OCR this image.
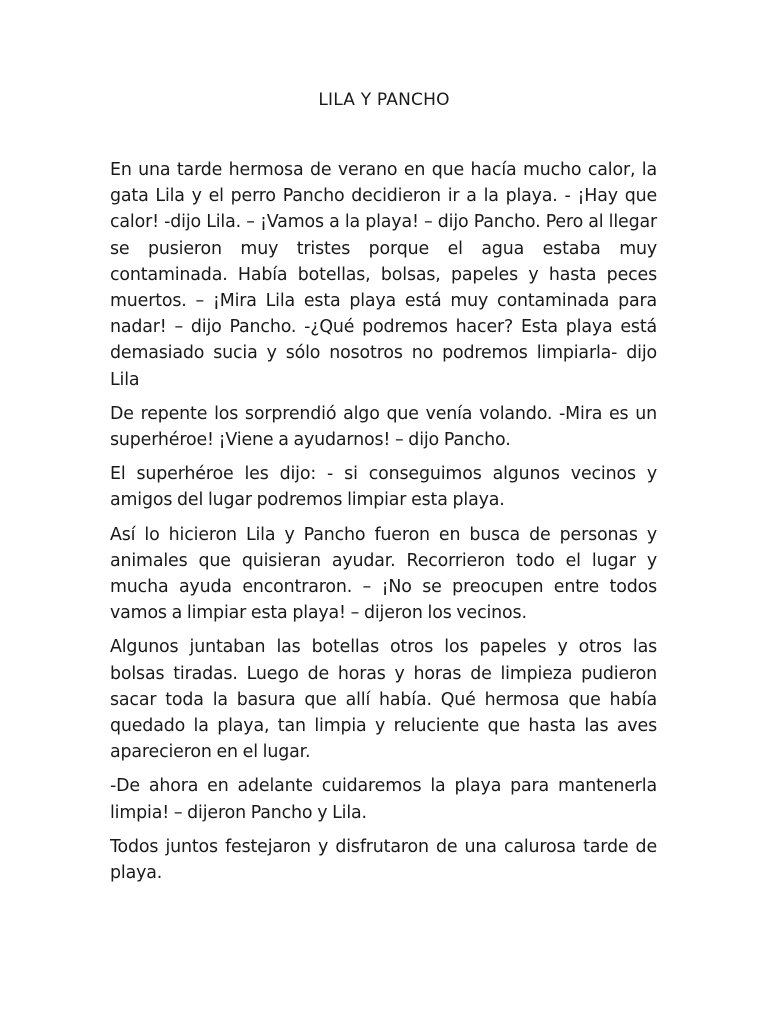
LILA Y PANCHO

En una tarde hermosa de verano en que hacía mucho calor, la gata Lila y el perro Pancho decidieron ir a la playa. - ¡Hay que calor! -dijo Lila. – ¡Vamos a la playa! – dijo Pancho. Pero al llegar se pusieron muy tristes porque el agua estaba muy contaminada. Había botellas, bolsas, papeles y hasta peces muertos. – ¡Mira Lila esta playa está muy contaminada para nadar! – dijo Pancho. -¿Qué podremos hacer? Esta playa está demasiado sucia y sólo nosotros no podremos limpiarla- dijo Lila

De repente los sorprendió algo que venía volando. -Mira es un superhéroe! ¡Viene a ayudarnos! – dijo Pancho.

El superhéroe les dijo: - si conseguimos algunos vecinos y amigos del lugar podremos limpiar esta playa.

Así lo hicieron Lila y Pancho fueron en busca de personas y animales que quisieran ayudar. Recorrieron todo el lugar y mucha ayuda encontraron. – ¡No se preocupen entre todos vamos a limpiar esta playa! – dijeron los vecinos.

Algunos juntaban las botellas otros los papeles y otros las bolsas tiradas. Luego de horas y horas de limpieza pudieron sacar toda la basura que allí había. Qué hermosa que había quedado la playa, tan limpia y reluciente que hasta las aves aparecieron en el lugar.

-De ahora en adelante cuidaremos la playa para mantenerla limpia! – dijeron Pancho y Lila.

Todos juntos festejaron y disfrutaron de una calurosa tarde de playa.
